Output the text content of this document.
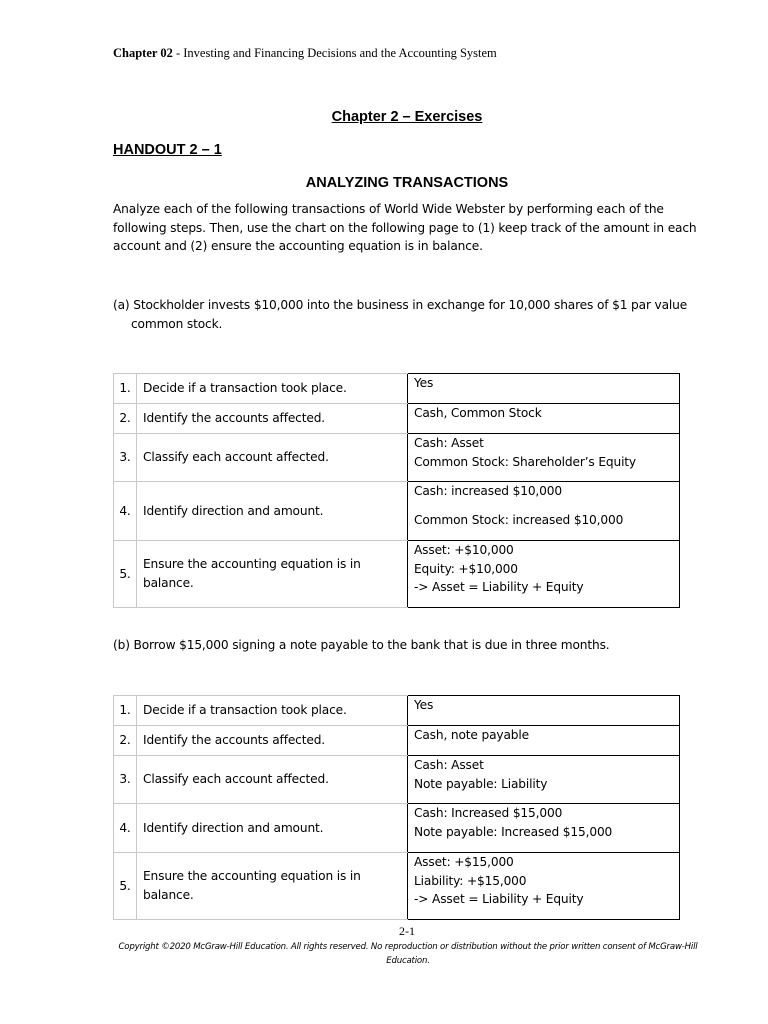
Chapter 02 - Investing and Financing Decisions and the Accounting System
Chapter 2 – Exercises
HANDOUT 2 – 1
ANALYZING TRANSACTIONS
Analyze each of the following transactions of World Wide Webster by performing each of the following steps. Then, use the chart on the following page to (1) keep track of the amount in each account and (2) ensure the accounting equation is in balance.
(a) Stockholder invests $10,000 into the business in exchange for 10,000 shares of $1 par value common stock.
1.	Decide if a transaction took place.	Yes

2.	Identify the accounts affected.	Cash, Common Stock

3.	Classify each account affected.	Cash: Asset
Common Stock: Shareholder’s Equity

4.	Identify direction and amount.	Cash: increased $10,000
Common Stock: increased $10,000

5.	Ensure the accounting equation is in balance.	Asset: +$10,000
Equity: +$10,000
-> Asset = Liability + Equity
(b) Borrow $15,000 signing a note payable to the bank that is due in three months.
1.	Decide if a transaction took place.	Yes

2.	Identify the accounts affected.	Cash, note payable

3.	Classify each account affected.	Cash: Asset
Note payable: Liability

4.	Identify direction and amount.	Cash: Increased $15,000
Note payable: Increased $15,000

5.	Ensure the accounting equation is in balance.	Asset: +$15,000
Liability: +$15,000
-> Asset = Liability + Equity
2-1
Copyright ©2020 McGraw-Hill Education. All rights reserved. No reproduction or distribution without the prior written consent of McGraw-Hill Education.
